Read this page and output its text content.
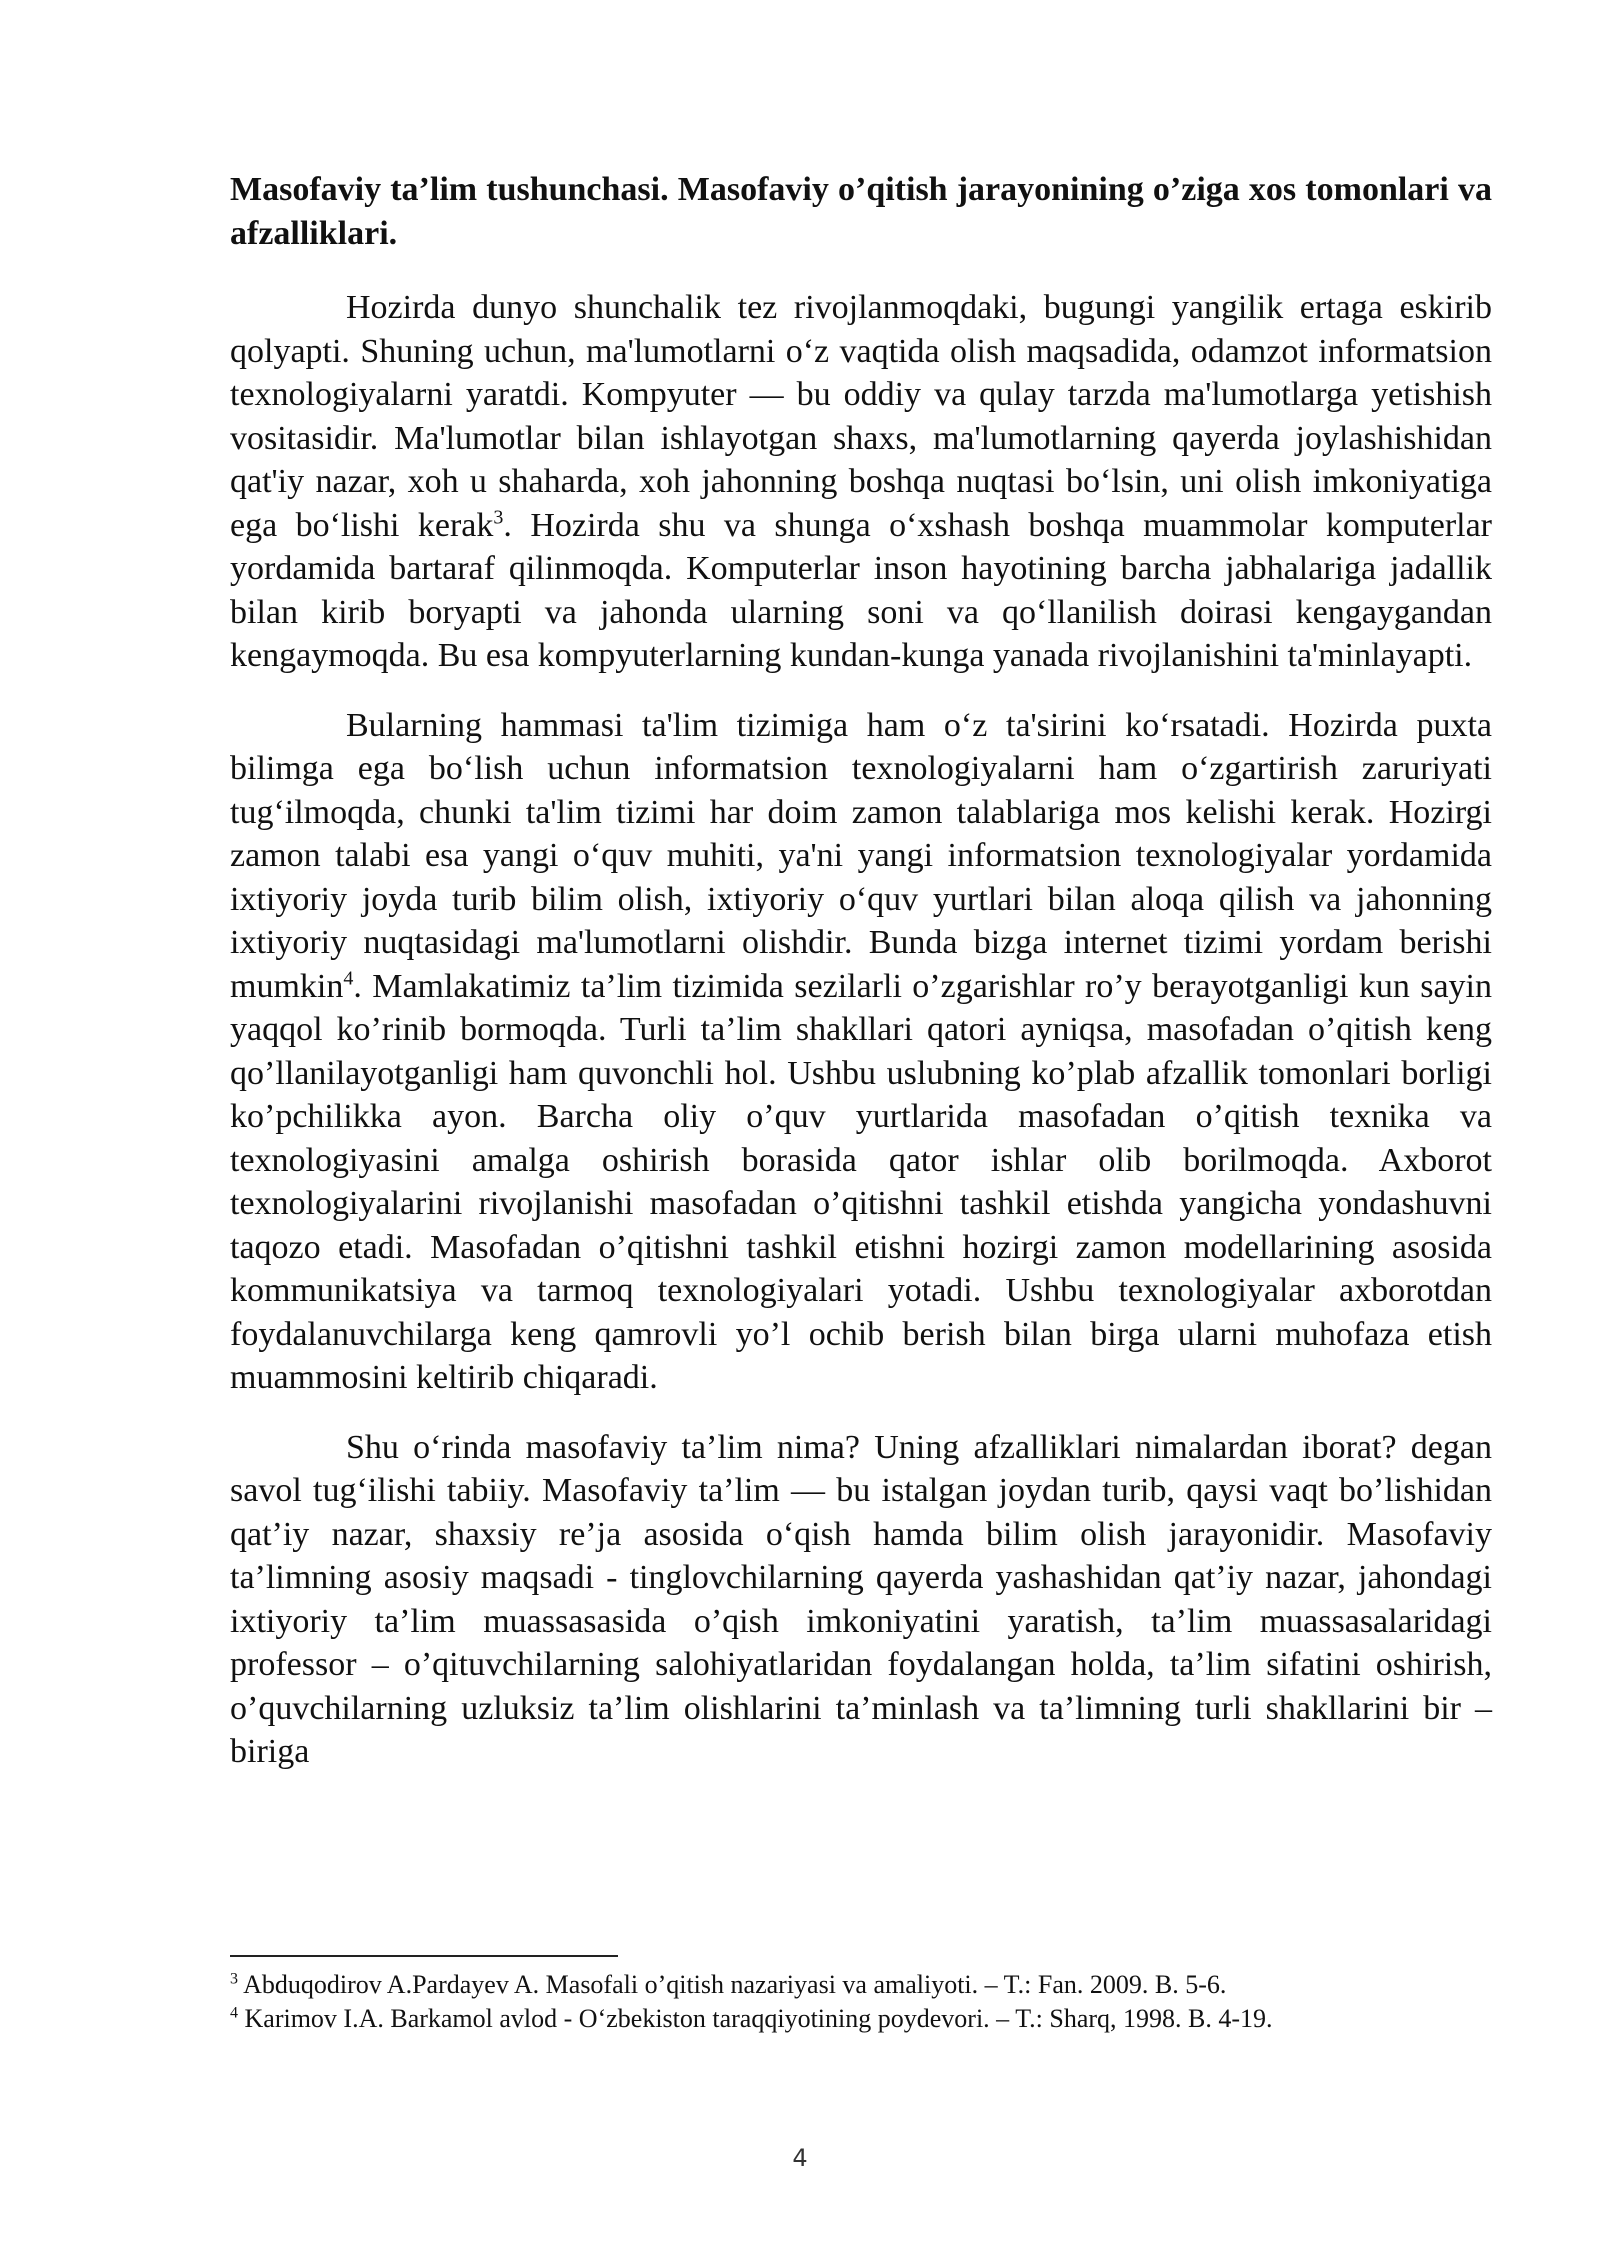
Masofaviy ta’lim tushunchasi. Masofaviy o’qitish jarayonining o’ziga xos tomonlari va afzalliklari.

Hozirda dunyo shunchalik tez rivojlanmoqdaki, bugungi yangilik ertaga eskirib qolyapti. Shuning uchun, ma'lumotlarni o‘z vaqtida olish maqsadida, odamzot informatsion texnologiyalarni yaratdi. Kompyuter — bu oddiy va qulay tarzda ma'lumotlarga yetishish vositasidir. Ma'lumotlar bilan ishlayotgan shaxs, ma'lumotlarning qayerda joylashishidan qat'iy nazar, xoh u shaharda, xoh jahonning boshqa nuqtasi bo‘lsin, uni olish imkoniyatiga ega bo‘lishi kerak$^3$. Hozirda shu va shunga o‘xshash boshqa muammolar komputerlar yordamida bartaraf qilinmoqda. Komputerlar inson hayotining barcha jabhalariga jadallik bilan kirib boryapti va jahonda ularning soni va qo‘llanilish doirasi kengaygandan kengaymoqda. Bu esa kompyuterlarning kundan-kunga yanada rivojlanishini ta'minlayapti.

Bularning hammasi ta'lim tizimiga ham o‘z ta'sirini ko‘rsatadi. Hozirda puxta bilimga ega bo‘lish uchun informatsion texnologiyalarni ham o‘zgartirish zaruriyati tug‘ilmoqda, chunki ta'lim tizimi har doim zamon talablariga mos kelishi kerak. Hozirgi zamon talabi esa yangi o‘quv muhiti, ya'ni yangi informatsion texnologiyalar yordamida ixtiyoriy joyda turib bilim olish, ixtiyoriy o‘quv yurtlari bilan aloqa qilish va jahonning ixtiyoriy nuqtasidagi ma'lumotlarni olishdir. Bunda bizga internet tizimi yordam berishi mumkin$^4$. Mamlakatimiz ta’lim tizimida sezilarli o’zgarishlar ro’y berayotganligi kun sayin yaqqol ko’rinib bormoqda. Turli ta’lim shakllari qatori ayniqsa, masofadan o’qitish keng qo’llanilayotganligi ham quvonchli hol. Ushbu uslubning ko’plab afzallik tomonlari borligi ko’pchilikka ayon. Barcha oliy o’quv yurtlarida masofadan o’qitish texnika va texnologiyasini amalga oshirish borasida qator ishlar olib borilmoqda. Axborot texnologiyalarini rivojlanishi masofadan o’qitishni tashkil etishda yangicha yondashuvni taqozo etadi. Masofadan o’qitishni tashkil etishni hozirgi zamon modellarining asosida kommunikatsiya va tarmoq texnologiyalari yotadi. Ushbu texnologiyalar axborotdan foydalanuvchilarga keng qamrovli yo’l ochib berish bilan birga ularni muhofaza etish muammosini keltirib chiqaradi.

Shu o‘rinda masofaviy ta’lim nima? Uning afzalliklari nimalardan iborat? degan savol tug‘ilishi tabiiy. Masofaviy ta’lim — bu istalgan joydan turib, qaysi vaqt bo’lishidan qat’iy nazar, shaxsiy re’ja asosida o‘qish hamda bilim olish jarayonidir. Masofaviy ta’limning asosiy maqsadi - tinglovchilarning qayerda yashashidan qat’iy nazar, jahondagi ixtiyoriy ta’lim muassasasida o’qish imkoniyatini yaratish, ta’lim muassasalaridagi professor – o’qituvchilarning salohiyatlaridan foydalangan holda, ta’lim sifatini oshirish, o’quvchilarning uzluksiz ta’lim olishlarini ta’minlash va ta’limning turli shakllarini bir – biriga

$^3$ Abduqodirov A.Pardayev A. Masofali o’qitish nazariyasi va amaliyoti. – T.: Fan. 2009. B. 5-6.

$^4$ Karimov I.A. Barkamol avlod - O‘zbekiston taraqqiyotining poydevori. – T.: Sharq, 1998. B. 4-19.

4
